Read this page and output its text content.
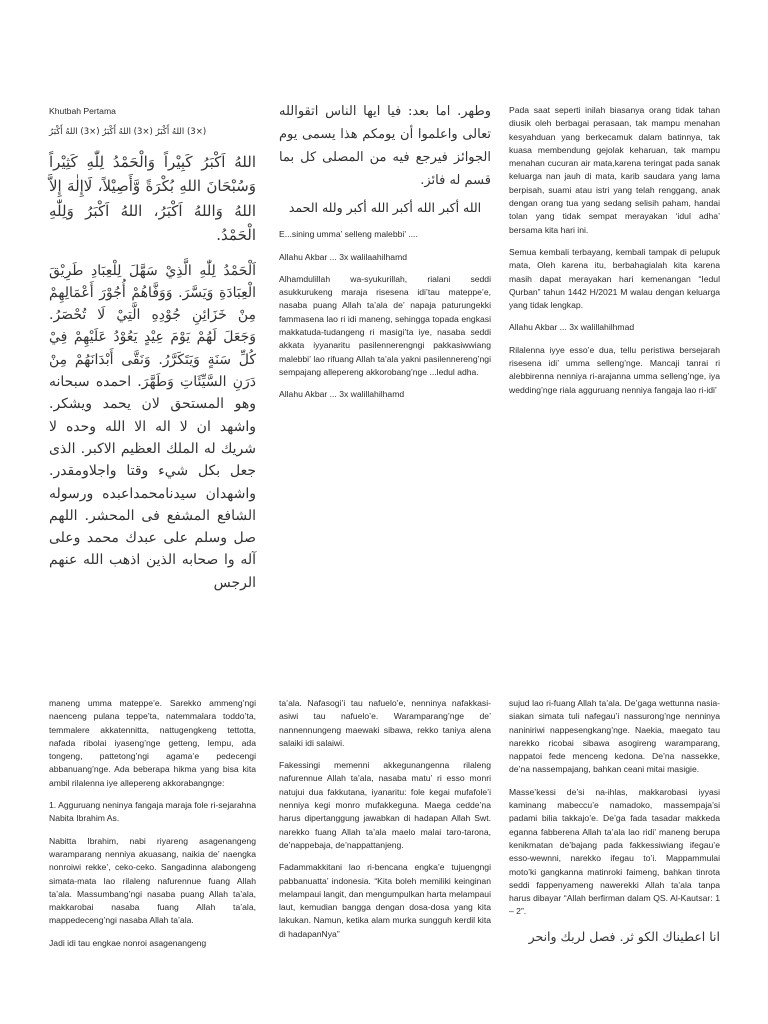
Khutbah Pertama
(×3) اللهُ أَكْبَرُ (×3) اللهُ أَكْبَرُ (×3) اللهُ أَكْبَرُ

اللهُ اَكْبَرُ كَبِيْراً وَالْحَمْدُ لِلّٰهِ كَثِيْراً وَسُبْحَانَ اللهِ بُكْرَةً وَّأَصِيْلاً، لَاإِلٰهَ إِلاَّ اللهُ وَاللهُ اَكْبَرُ، اللهُ اَكْبَرُ وَلِلّٰهِ الْحَمْدُ.

اَلْحَمْدُ لِلّٰهِ الَّذِيْ سَهَّلَ لِلْعِبَادِ طَرِيْقَ الْعِبَادَةِ وَيَسَّرَ. وَوَفَّاهُمْ أُجُوْرَ أَعْمَالِهِمْ مِنْ خَزَائِنِ جُوْدِهِ الَّتِيْ لَا تُحْصَرُ. وَجَعَلَ لَهُمْ يَوْمَ عِيْدٍ يَعُوْدُ عَلَيْهِمْ فِيْ كُلِّ سَنَةٍ وَيَتَكَرَّرُ. وَنَقَّى أَبْدَانَهُمْ مِنْ دَرَنِ السَّيِّئَاتِ وَطَهَّرَ. احمده سبحانه وهو المستحق لان يحمد ويشكر. واشهد ان لا اله الا الله وحده لا شريك له الملك العظيم الاكبر. الذى جعل بكل شيء وقتا واجلاومقدر. واشهدان سيدنامحمداعبده ورسوله الشافع المشفع فى المحشر. اللهم صل وسلم على عبدك محمد وعلى آله وا صحابه الذين اذهب الله عنهم الرجس

وطهر. اما بعد: فيا ايها الناس اتقوالله تعالى واعلموا أن يومكم هذا يسمى يوم الجوائز فيرجع فيه من المصلى كل بما قسم له فائز.

الله أكبر الله أكبر الله أكبر ولله الحمد

E...sining umma’ selleng malebbi’ ....

Allahu Akbar ... 3x walilaahilhamd

Alhamdulillah wa-syukurillah, rialani seddi asukkurukeng maraja risesena idi’tau mateppe’e, nasaba puang Allah ta’ala de’ napaja paturungekki fammasena lao ri idi maneng, sehingga topada engkasi makkatuda-tudangeng ri masigi’ta iye, nasaba seddi akkata iyyanaritu pasilennerengngi pakkasiwwiang malebbi’ lao rifuang Allah ta’ala yakni pasilennereng’ngi sempajang allepereng akkorobang’nge ...ledul adha.

Allahu Akbar ... 3x walillahilhamd

Pada saat seperti inilah biasanya orang tidak tahan diusik oleh berbagai perasaan, tak mampu menahan kesyahduan yang berkecamuk dalam batinnya, tak kuasa membendung gejolak keharuan, tak mampu menahan cucuran air mata,karena teringat pada sanak keluarga nan jauh di mata, karib saudara yang lama berpisah, suami atau istri yang telah renggang, anak dengan orang tua yang sedang selisih paham, handai tolan yang tidak sempat merayakan ‘idul adha’ bersama kita hari ini.

Semua kembali terbayang, kembali tampak di pelupuk mata, Oleh karena itu, berbahagialah kita karena masih dapat merayakan hari kemenangan “Iedul Qurban” tahun 1442 H/2021 M walau dengan keluarga yang tidak lengkap.

Allahu Akbar ... 3x walillahilhmad

Rilalenna iyye esso’e dua, tellu peristiwa bersejarah risesena idi’ umma selleng’nge. Mancaji tanrai ri alebbirenna nenniya ri-arajanna umma selleng’nge, iya wedding’nge riala agguruang nenniya fangaja lao ri-idi’

maneng umma mateppe’e. Sarekko ammeng’ngi naenceng pulana teppe’ta, natemmalara toddo’ta, temmalere akkatennitta, nattugengkeng tettotta, nafada ribolai iyaseng’nge getteng, lempu, ada tongeng, pattetong’ngi agama’e pedecengi abbanuang’nge. Ada beberapa hikma yang bisa kita ambil rilalenna iye allepereng akkorabangnge:

1. Agguruang neninya fangaja maraja fole ri-sejarahna Nabita Ibrahim As.

Nabitta Ibrahim, nabi riyareng asagenangeng waramparang nenniya akuasang, naikia de’ naengka nonroiwi rekke’, ceko-ceko. Sangadinna alabongeng simata-mata lao rilaleng nafurennue fuang Allah ta’ala. Massumbang’ngi nasaba puang Allah ta’ala, makkarobai nasaba fuang Allah ta’ala, mappedeceng’ngi nasaba Allah ta’ala.

Jadi idi tau engkae nonroi asagenangeng

ta’ala. Nafasogi’i tau nafuelo’e, nenninya nafakkasi-asiwi tau nafuelo’e. Waramparang’nge de’ nannennungeng maewaki sibawa, rekko taniya alena salaiki idi salaiwi.

Fakessingi memenni akkegunangenna rilaleng nafurennue Allah ta’ala, nasaba matu’ ri esso monri natujui dua fakkutana, iyanaritu: fole kegai mufafole’i nenniya kegi monro mufakkeguna. Maega cedde’na harus dipertanggung jawabkan di hadapan Allah Swt. narekko fuang Allah ta’ala maelo malai taro-tarona, de’nappebaja, de’nappattanjeng.

Fadammakkitani lao ri-bencana engka’e tujuengngi pabbanuatta’ indonesia. “Kita boleh memiliki keinginan melampaui langit, dan mengumpulkan harta melampaui laut, kemudian bangga dengan dosa-dosa yang kita lakukan. Namun, ketika alam murka sungguh kerdil kita di hadapanNya”

sujud lao ri-fuang Allah ta’ala. De’gaga wettunna nasia-siakan simata tuli nafegau’i nassurong’nge nenninya naniniriwi nappesengkang’nge. Naekia, maegato tau narekko ricobai sibawa asogireng waramparang, nappatoi fede menceng kedona. De’na nassekke, de’na nassempajang, bahkan ceani mitai masigie.

Masse’kessi de’si na-ihlas, makkarobasi iyyasi kaminang mabeccu’e namadoko, massempaja’si padami bilia takkajo’e. De’ga fada tasadar makkeda eganna fabberena Allah ta’ala lao ridi’ maneng berupa kenikmatan de’bajang pada fakkessiwiang ifegau’e esso-wewnni, narekko ifegau to’i. Mappammulai moto’ki gangkanna matinroki faimeng, bahkan tinrota seddi fappenyameng nawerekki Allah ta’ala tanpa harus dibayar “Allah berfirman dalam QS. Al-Kautsar: 1 – 2”.

انا اعطيناك الكو ثر. فصل لربك وانحر
